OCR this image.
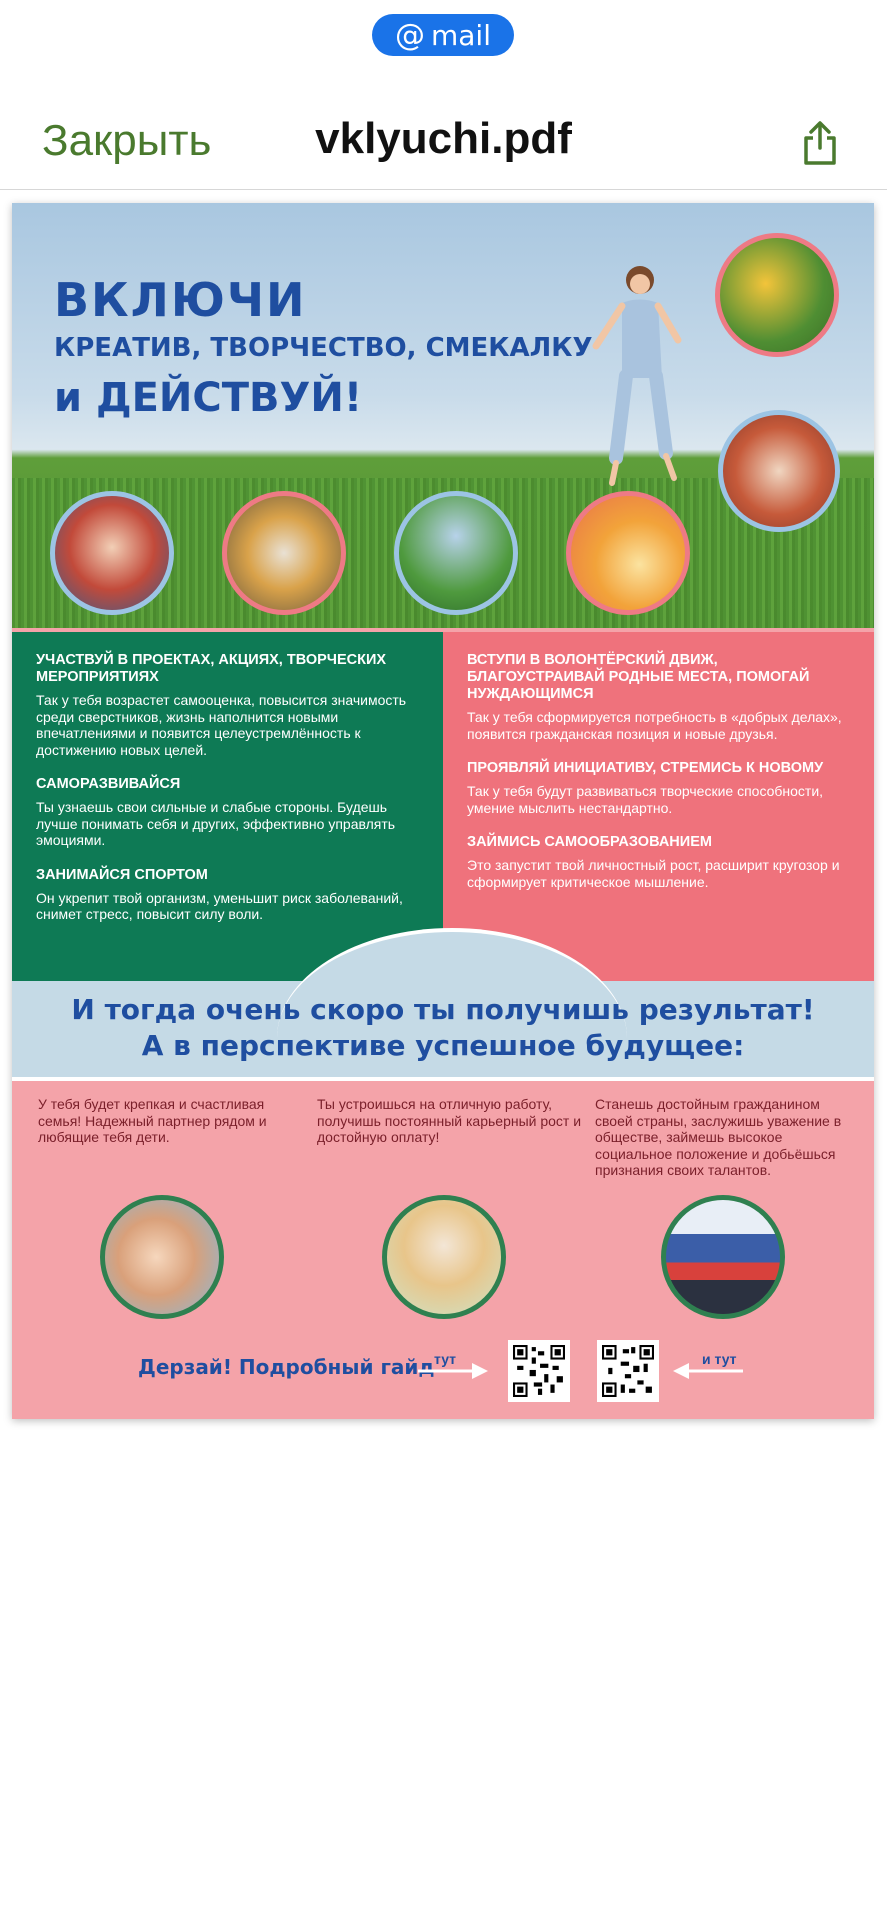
@ mail
Закрыть	vklyuchi.pdf
ВКЛЮЧИ
КРЕАТИВ, ТВОРЧЕСТВО, СМЕКАЛКУ
и ДЕЙСТВУЙ!
УЧАСТВУЙ В ПРОЕКТАХ, АКЦИЯХ, ТВОРЧЕСКИХ МЕРОПРИЯТИЯХ

Так у тебя возрастет самооценка, повысится значимость среди сверстников, жизнь наполнится новыми впечатлениями и появится целеустремлённость к достижению новых целей.

САМОРАЗВИВАЙСЯ

Ты узнаешь свои сильные и слабые стороны. Будешь лучше понимать себя и других, эффективно управлять эмоциями.

ЗАНИМАЙСЯ СПОРТОМ

Он укрепит твой организм, уменьшит риск заболеваний, снимет стресс, повысит силу воли.

ВСТУПИ В ВОЛОНТЁРСКИЙ ДВИЖ, БЛАГОУСТРАИВАЙ РОДНЫЕ МЕСТА, ПОМОГАЙ НУЖДАЮЩИМСЯ

Так у тебя сформируется потребность в «добрых делах», появится гражданская позиция и новые друзья.

ПРОЯВЛЯЙ ИНИЦИАТИВУ, СТРЕМИСЬ К НОВОМУ

Так у тебя будут развиваться творческие способности, умение мыслить нестандартно.

ЗАЙМИСЬ САМООБРАЗОВАНИЕМ

Это запустит твой личностный рост, расширит кругозор и сформирует критическое мышление.

И тогда очень скоро ты получишь результат!
А в перспективе успешное будущее:
У тебя будет крепкая и счастливая семья! Надежный партнер рядом и любящие тебя дети.
Ты устроишься на отличную работу, получишь постоянный карьерный рост и достойную оплату!
Станешь достойным гражданином своей страны, заслужишь уважение в обществе, займешь высокое социальное положение и добьёшься признания своих талантов.
Дерзай! Подробный гайд тут	и тут
